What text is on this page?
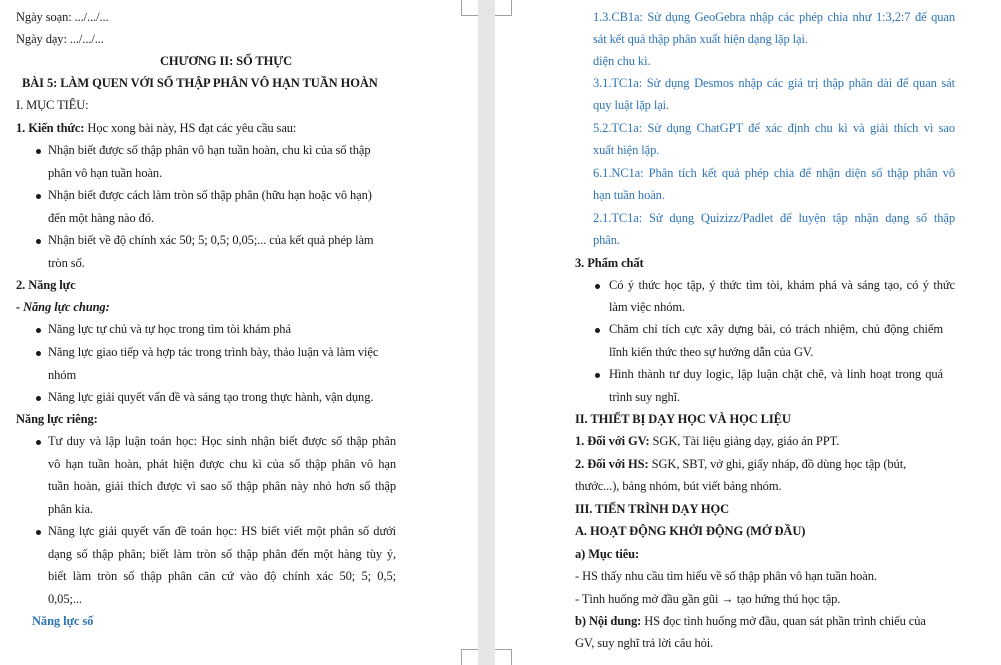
Ngày soạn: .../.../...
Ngày dạy: .../.../...
CHƯƠNG II: SỐ THỰC
BÀI 5: LÀM QUEN VỚI SỐ THẬP PHÂN VÔ HẠN TUẦN HOÀN
I. MỤC TIÊU:
1. Kiến thức: Học xong bài này, HS đạt các yêu cầu sau:
Nhận biết được số thập phân vô hạn tuần hoàn, chu kì của số thập
phân vô hạn tuần hoàn.
Nhận biết được cách làm tròn số thập phân (hữu hạn hoặc vô hạn)
đến một hàng nào đó.
Nhận biết về độ chính xác 50; 5; 0,5; 0,05;... của kết quả phép làm
tròn số.
2. Năng lực
- Năng lực chung:
Năng lực tự chủ và tự học trong tìm tòi khám phá
Năng lực giao tiếp và hợp tác trong trình bày, thảo luận và làm việc
nhóm
Năng lực giải quyết vấn đề và sáng tạo trong thực hành, vận dụng.
Năng lực riêng:
Tư duy và lập luận toán học: Học sinh nhận biết được số thập phân
vô hạn tuần hoàn, phát hiện được chu kì của số thập phân vô hạn
tuần hoàn, giải thích được vì sao số thập phân này nhỏ hơn số thập
phân kia.
Năng lực giải quyết vấn đề toán học: HS biết viết một phân số dưới
dạng số thập phân; biết làm tròn số thập phân đến một hàng tùy ý,
biết làm tròn số thập phân căn cứ vào độ chính xác 50; 5; 0,5;
0,05;...
Năng lực số
1.3.CB1a: Sử dụng GeoGebra nhập các phép chia như 1:3,2:7 để quan
sát kết quả thập phân xuất hiện dạng lặp lại.
diện chu kì.
3.1.TC1a: Sử dụng Desmos nhập các giá trị thập phân dài để quan sát
quy luật lặp lại.
5.2.TC1a: Sử dụng ChatGPT để xác định chu kì và giải thích vì sao
xuất hiện lặp.
6.1.NC1a: Phân tích kết quả phép chia để nhận diện số thập phân vô
hạn tuần hoàn.
2.1.TC1a: Sử dụng Quizizz/Padlet để luyện tập nhận dạng số thập
phân.
3. Phẩm chất
Có ý thức học tập, ý thức tìm tòi, khám phá và sáng tạo, có ý thức
làm việc nhóm.
Chăm chỉ tích cực xây dựng bài, có trách nhiệm, chủ động chiếm
lĩnh kiến thức theo sự hướng dẫn của GV.
Hình thành tư duy logic, lập luận chặt chẽ, và linh hoạt trong quá
trình suy nghĩ.
II. THIẾT BỊ DẠY HỌC VÀ HỌC LIỆU
1. Đối với GV: SGK, Tài liệu giảng dạy, giáo án PPT.
2. Đối với HS: SGK, SBT, vở ghi, giấy nháp, đồ dùng học tập (bút,
thước...), bảng nhóm, bút viết bảng nhóm.
III. TIẾN TRÌNH DẠY HỌC
A. HOẠT ĐỘNG KHỞI ĐỘNG (MỞ ĐẦU)
a) Mục tiêu:
- HS thấy nhu cầu tìm hiểu về số thập phân vô hạn tuần hoàn.
- Tình huống mở đầu gần gũi → tạo hứng thú học tập.
b) Nội dung: HS đọc tình huống mở đầu, quan sát phần trình chiếu của
GV, suy nghĩ trả lời câu hỏi.
